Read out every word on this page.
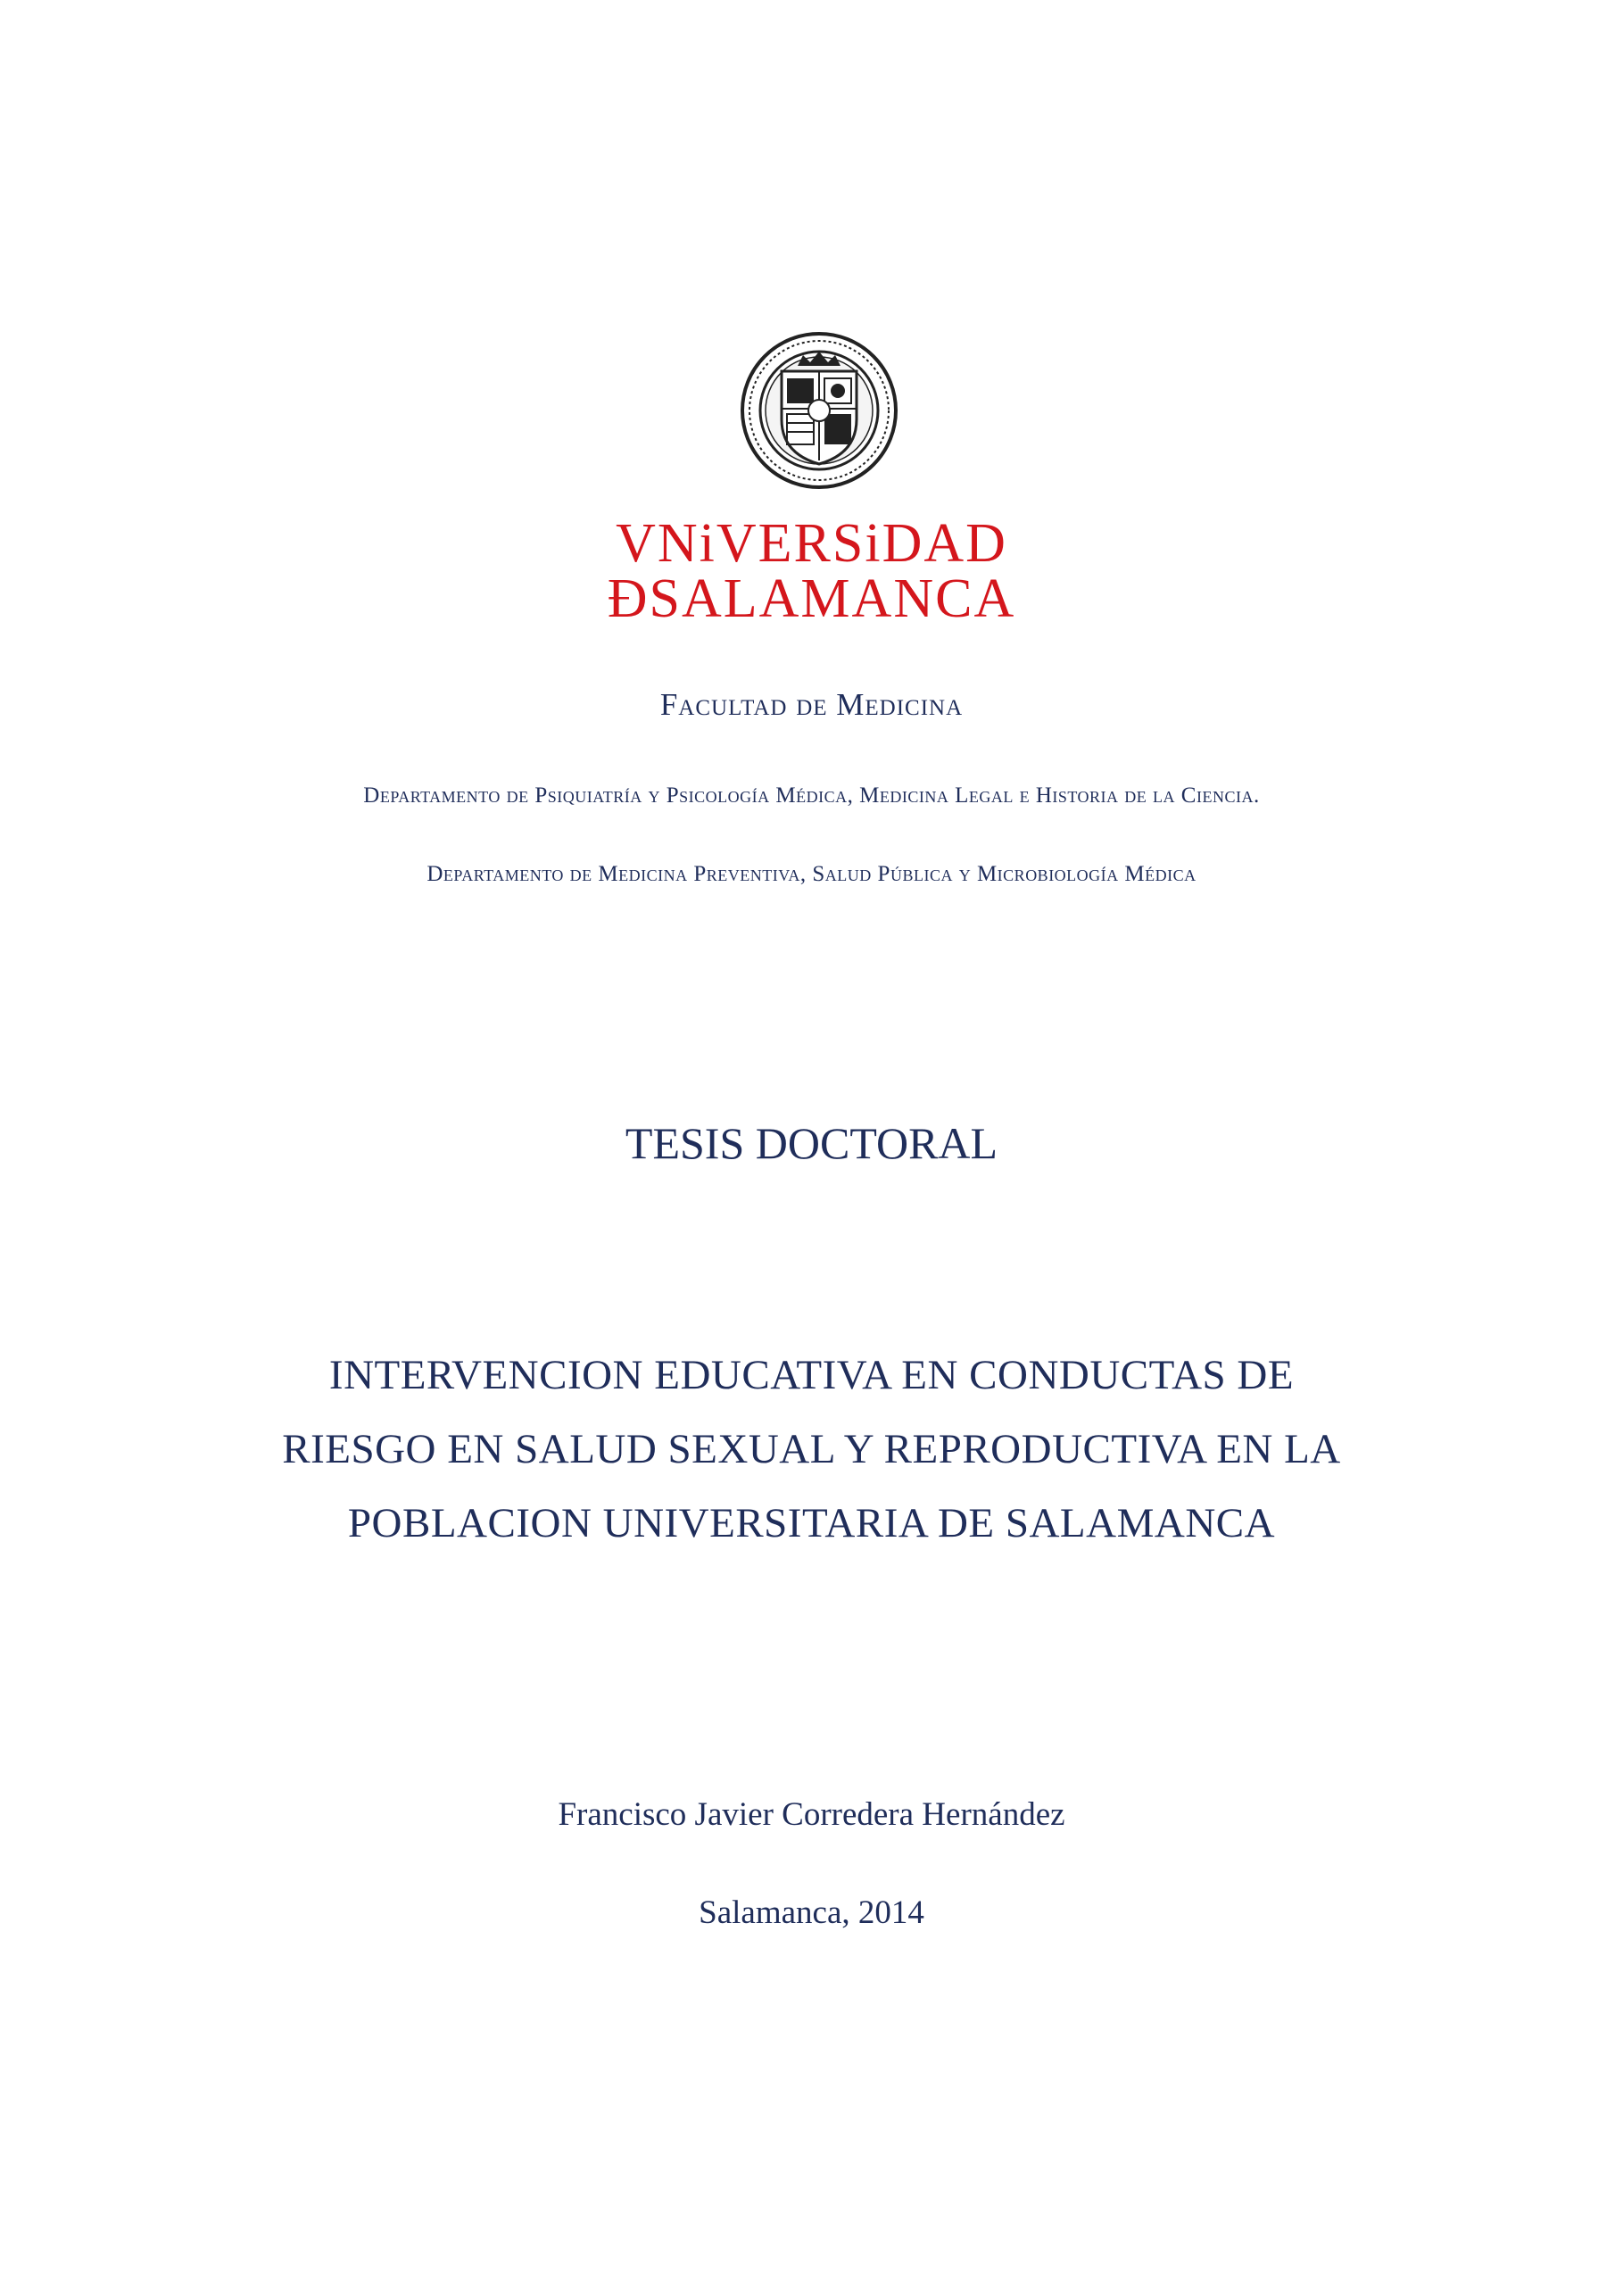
VNiVERSiDAD
ÐSALAMANCA
Facultad de Medicina
Departamento de Psiquiatría y Psicología Médica, Medicina Legal e Historia de la Ciencia.
Departamento de Medicina Preventiva, Salud Pública y Microbiología Médica
TESIS DOCTORAL
INTERVENCION EDUCATIVA EN CONDUCTAS DE
RIESGO EN SALUD SEXUAL Y REPRODUCTIVA EN LA
POBLACION UNIVERSITARIA DE SALAMANCA
Francisco Javier Corredera Hernández
Salamanca, 2014
